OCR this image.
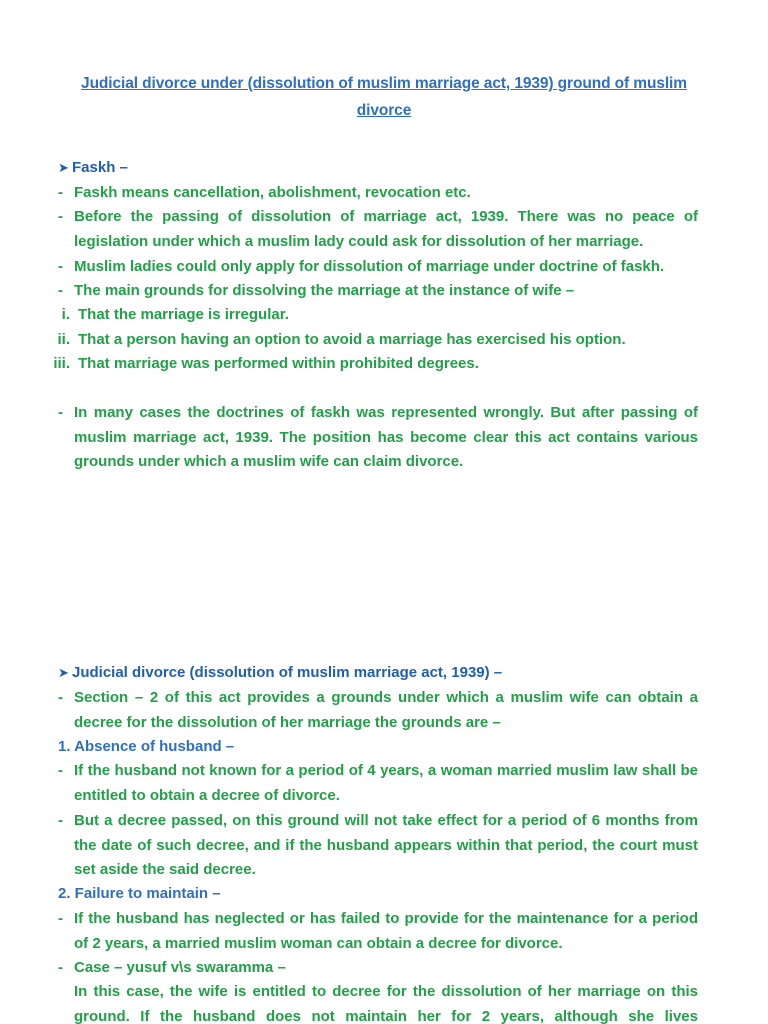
Judicial divorce under (dissolution of muslim marriage act, 1939) ground of muslim divorce
➤ Faskh –
- Faskh means cancellation, abolishment, revocation etc.
- Before the passing of dissolution of marriage act, 1939. There was no peace of legislation under which a muslim lady could ask for dissolution of her marriage.
- Muslim ladies could only apply for dissolution of marriage under doctrine of faskh.
- The main grounds for dissolving the marriage at the instance of wife –
i. That the marriage is irregular.
ii. That a person having an option to avoid a marriage has exercised his option.
iii. That marriage was performed within prohibited degrees.
- In many cases the doctrines of faskh was represented wrongly. But after passing of muslim marriage act, 1939. The position has become clear this act contains various grounds under which a muslim wife can claim divorce.
➤ Judicial divorce (dissolution of muslim marriage act, 1939) –
- Section – 2 of this act provides a grounds under which a muslim wife can obtain a decree for the dissolution of her marriage the grounds are –
1. Absence of husband –
- If the husband not known for a period of 4 years, a woman married muslim law shall be entitled to obtain a decree of divorce.
- But a decree passed, on this ground will not take effect for a period of 6 months from the date of such decree, and if the husband appears within that period, the court must set aside the said decree.
2. Failure to maintain –
- If the husband has neglected or has failed to provide for the maintenance for a period of 2 years, a married muslim woman can obtain a decree for divorce.
- Case – yusuf v\s swaramma –
In this case, the wife is entitled to decree for the dissolution of her marriage on this ground. If the husband does not maintain her for 2 years, although she lives
